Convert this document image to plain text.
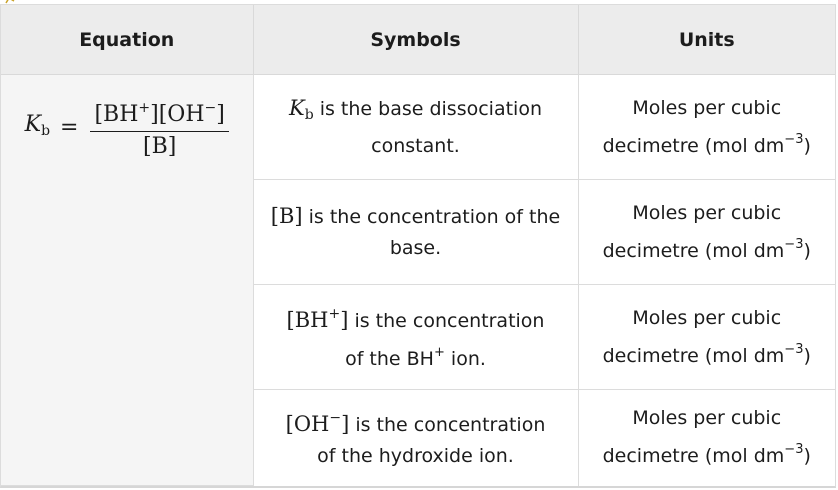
Equation	Symbols	Units

$K_b = \frac{[BH^+][OH^-]}{[B]}$	$K_b$ is the base dissociation constant.	Moles per cubic
decimetre (mol $dm^{-3}$)
	[B] is the concentration of the base.	Moles per cubic
decimetre (mol $dm^{-3}$)
	[BH+] is the concentration
of the BH+ ion.	Moles per cubic
decimetre (mol $dm^{-3}$)
	[OH−] is the concentration
of the hydroxide ion.	Moles per cubic
decimetre (mol $dm^{-3}$)
